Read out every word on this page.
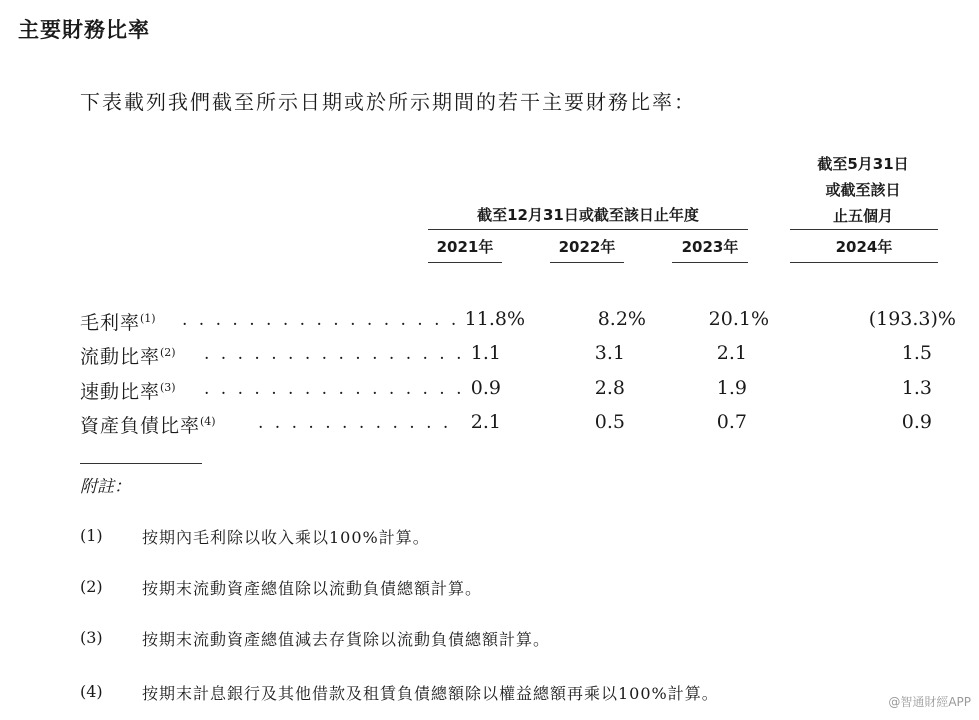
主要財務比率
下表載列我們截至所示日期或於所示期間的若干主要財務比率：
截至5月31日
或截至該日
止五個月
截至12月31日或截至該日止年度
2021年	2022年	2023年	2024年
毛利率$^{(1)}$ . . . . . . . . . . . . . . . . . 11.8%	8.2%	20.1%	(193.3)%
流動比率$^{(2)}$ . . . . . . . . . . . . . . . . 1.1	3.1	2.1	1.5
速動比率$^{(3)}$ . . . . . . . . . . . . . . . . 0.9	2.8	1.9	1.3
資產負債比率$^{(4)}$ . . . . . . . . . . . .	2.1	0.5	0.7	0.9
附註：
(1) 按期內毛利除以收入乘以100%計算。
(2) 按期末流動資產總值除以流動負債總額計算。
(3) 按期末流動資產總值減去存貨除以流動負債總額計算。
(4) 按期末計息銀行及其他借款及租賃負債總額除以權益總額再乘以100%計算。	@智通財經APP
